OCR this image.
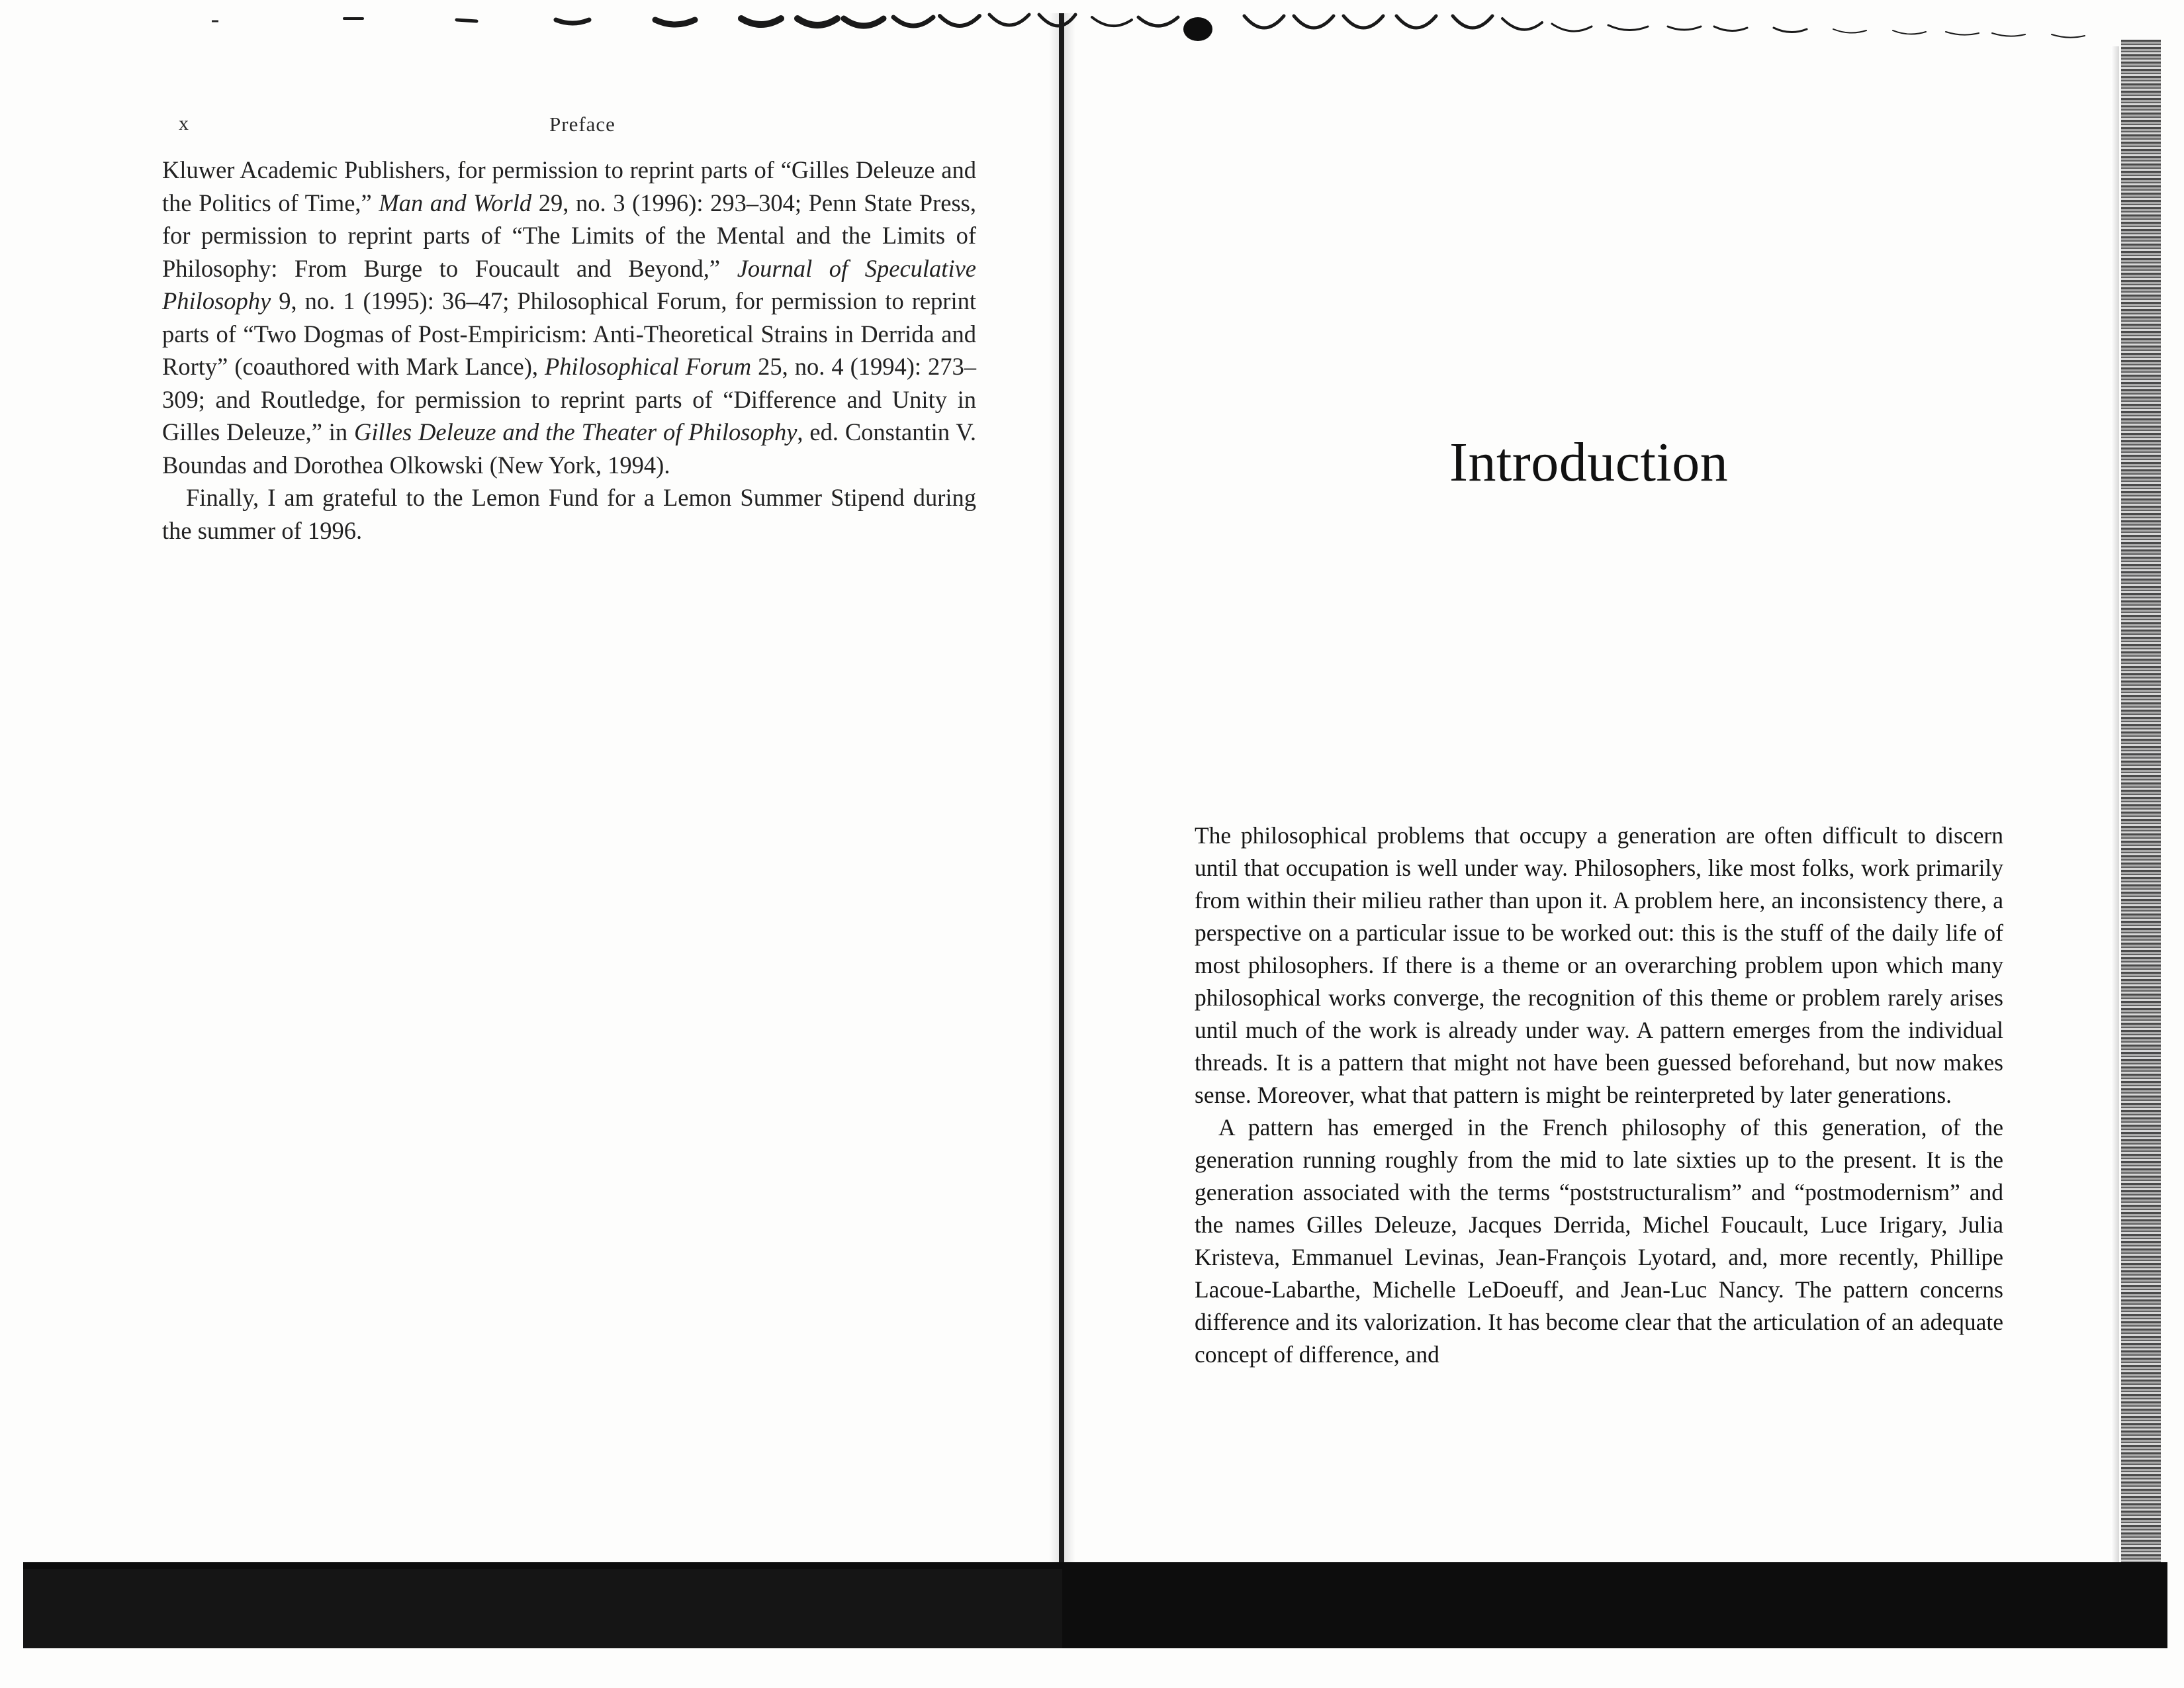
x	Preface

Kluwer Academic Publishers, for permission to reprint parts of “Gilles Deleuze and the Politics of Time,” Man and World 29, no. 3 (1996): 293–304; Penn State Press, for permission to reprint parts of “The Limits of the Mental and the Limits of Philosophy: From Burge to Foucault and Beyond,” Journal of Speculative Philosophy 9, no. 1 (1995): 36–47; Philosophical Forum, for permission to reprint parts of “Two Dogmas of Post-Empiricism: Anti-Theoretical Strains in Derrida and Rorty” (coauthored with Mark Lance), Philosophical Forum 25, no. 4 (1994): 273–309; and Routledge, for permission to reprint parts of “Difference and Unity in Gilles Deleuze,” in Gilles Deleuze and the Theater of Philosophy, ed. Constantin V. Boundas and Dorothea Olkowski (New York, 1994).

Finally, I am grateful to the Lemon Fund for a Lemon Summer Stipend during the summer of 1996.

Introduction

The philosophical problems that occupy a generation are often difficult to discern until that occupation is well under way. Philosophers, like most folks, work primarily from within their milieu rather than upon it. A problem here, an inconsistency there, a perspective on a particular issue to be worked out: this is the stuff of the daily life of most philosophers. If there is a theme or an overarching problem upon which many philosophical works converge, the recognition of this theme or problem rarely arises until much of the work is already under way. A pattern emerges from the individual threads. It is a pattern that might not have been guessed beforehand, but now makes sense. Moreover, what that pattern is might be reinterpreted by later generations.

A pattern has emerged in the French philosophy of this generation, of the generation running roughly from the mid to late sixties up to the present. It is the generation associated with the terms “poststructuralism” and “postmodernism” and the names Gilles Deleuze, Jacques Derrida, Michel Foucault, Luce Irigary, Julia Kristeva, Emmanuel Levinas, Jean-François Lyotard, and, more recently, Phillipe Lacoue-Labarthe, Michelle LeDoeuff, and Jean-Luc Nancy. The pattern concerns difference and its valorization. It has become clear that the articulation of an adequate concept of difference, and
